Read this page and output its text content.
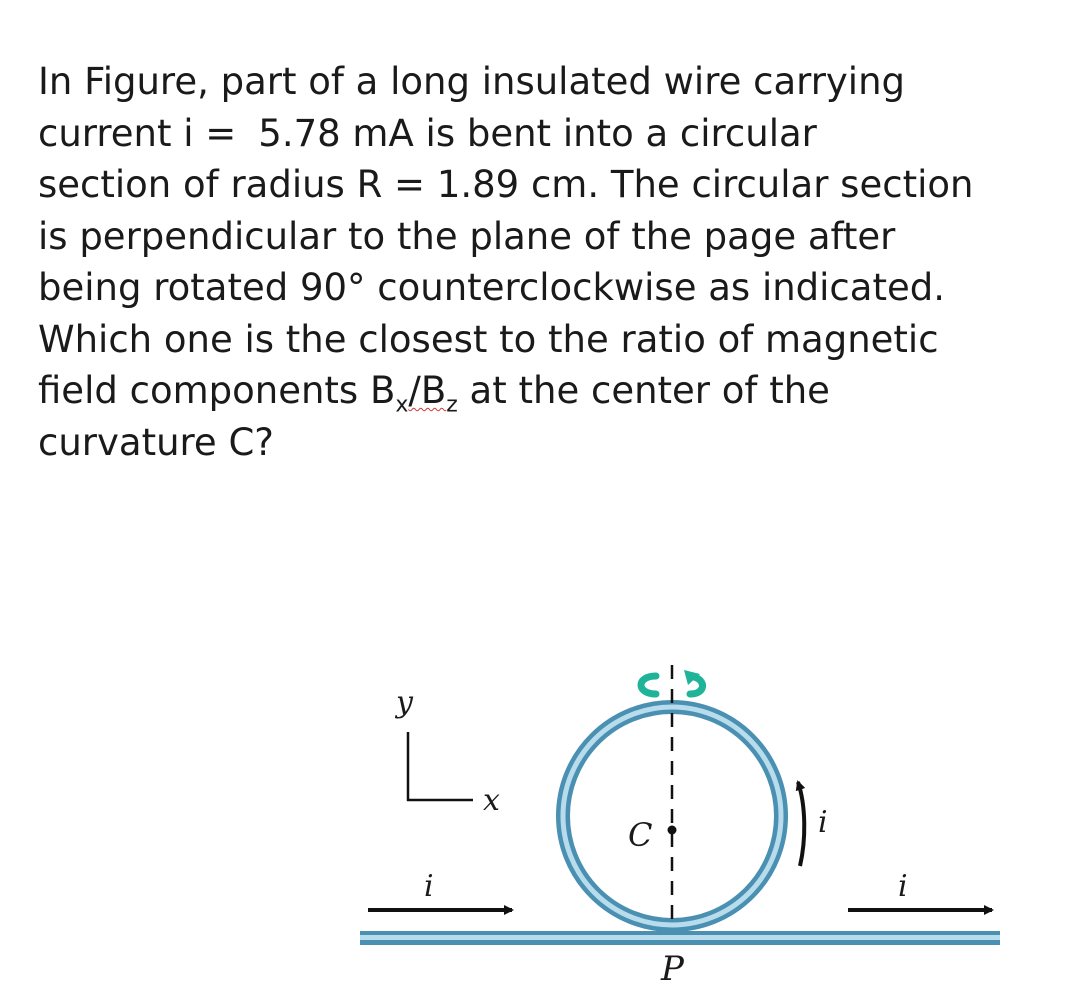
In Figure, part of a long insulated wire carrying
current i = 5.78 mA is bent into a circular
section of radius R = 1.89 cm. The circular section
is perpendicular to the plane of the page after
being rotated 90° counterclockwise as indicated.
Which one is the closest to the ratio of magnetic
field components $B_x/B_z$ at the center of the
curvature C?
y
x
C
P
i
i
i
